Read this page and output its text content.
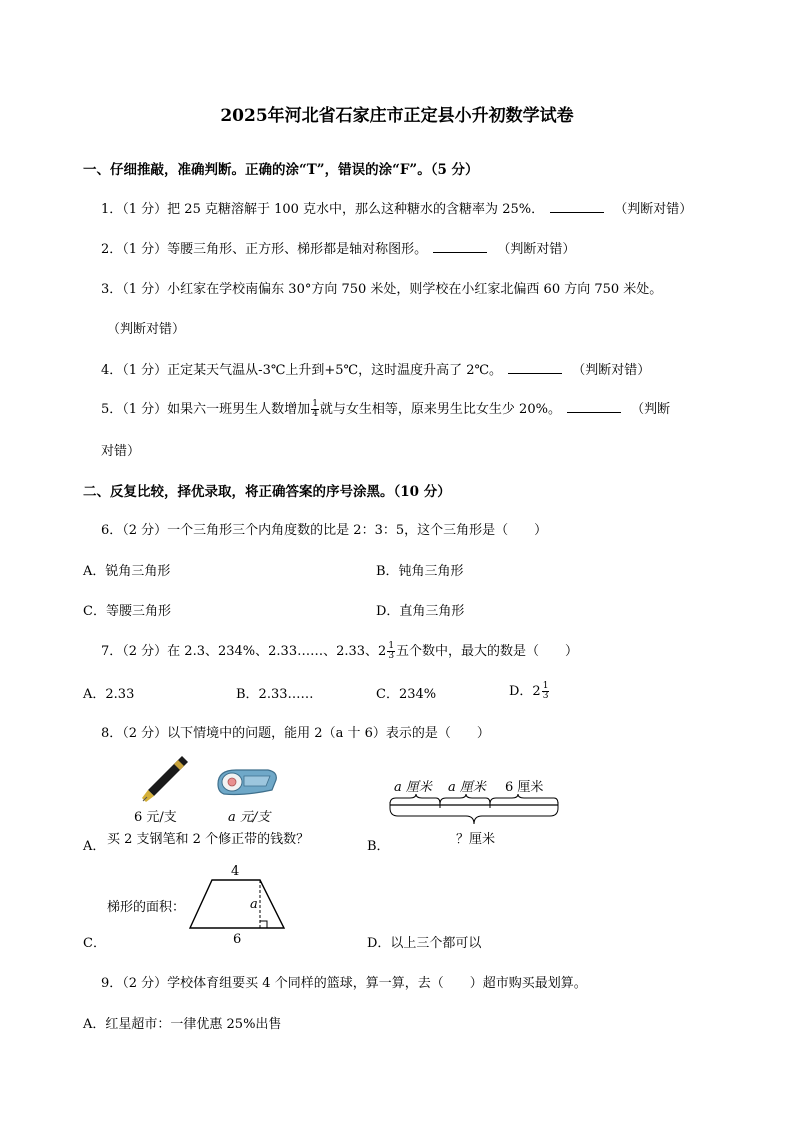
2025年河北省石家庄市正定县小升初数学试卷
一、仔细推敲，准确判断。正确的涂“T”，错误的涂“F”。（5 分）
1．（1 分）把 25 克糖溶解于 100 克水中，那么这种糖水的含糖率为 25%．	（判断对错）
2．（1 分）等腰三角形、正方形、梯形都是轴对称图形。	（判断对错）
3．（1 分）小红家在学校南偏东 30°方向 750 米处，则学校在小红家北偏西 60 方向 750 米处。
（判断对错）
4．（1 分）正定某天气温从-3℃上升到+5℃，这时温度升高了 2℃。	（判断对错）
5．（1 分）如果六一班男生人数增加 $\frac{1}{4}$ 就与女生相等，原来男生比女生少 20%。	（判断
对错）
二、反复比较，择优录取，将正确答案的序号涂黑。（10 分）
6．（2 分）一个三角形三个内角度数的比是 2：3：5，这个三角形是（　　）
A．锐角三角形	B．钝角三角形
C．等腰三角形	D．直角三角形
7．（2 分）在 2.3、234%、2.33……、2.33、$2 \frac{1}{3}$ 五个数中，最大的数是（　　）
A．2.33	B．2.33……	C．234%	D．$2 \frac{1}{3}$
8．（2 分）以下情境中的问题，能用 2（a 十 6）表示的是（　　）
6 元/支	a 元/支
A． 买 2 支钢笔和 2 个修正带的钱数？
a 厘米 a 厘米 6 厘米
？厘米
B．
梯形的面积：
4
a
6
C．	D．以上三个都可以
9．（2 分）学校体育组要买 4 个同样的篮球，算一算，去（　　）超市购买最划算。
A．红星超市：一律优惠 25%出售
